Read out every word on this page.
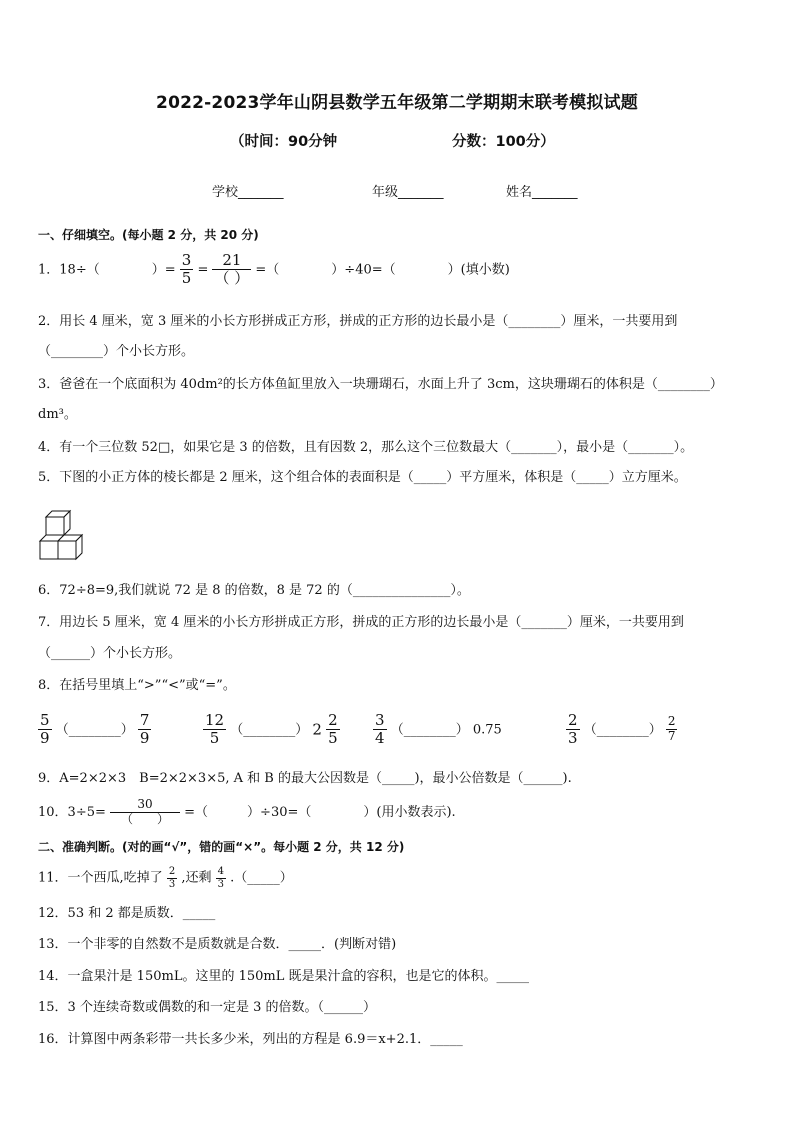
2022-2023学年山阴县数学五年级第二学期期末联考模拟试题
（时间：90分钟	分数：100分）
学校_______	年级_______	姓名_______
一、仔细填空。(每小题 2 分，共 20 分)
1．18÷（　　　　）= $\frac{3}{5} = \frac{21}{( )}$ =（　　　　）÷40=（　　　　）(填小数)
2．用长 4 厘米，宽 3 厘米的小长方形拼成正方形，拼成的正方形的边长最小是（________）厘米，一共要用到
（________）个小长方形。
3．爸爸在一个底面积为 40dm²的长方体鱼缸里放入一块珊瑚石，水面上升了 3cm，这块珊瑚石的体积是（________）
dm³。
4．有一个三位数 52□，如果它是 3 的倍数，且有因数 2，那么这个三位数最大（_______），最小是（_______）。
5．下图的小正方体的棱长都是 2 厘米，这个组合体的表面积是（_____）平方厘米，体积是（_____）立方厘米。
6．72÷8=9,我们就说 72 是 8 的倍数，8 是 72 的（_______________）。
7．用边长 5 厘米，宽 4 厘米的小长方形拼成正方形，拼成的正方形的边长最小是（_______）厘米，一共要用到
（______）个小长方形。
8．在括号里填上“>”“<”或“=”。
$\frac{5}{9}$ （________） $\frac{7}{9}$	$\frac{12}{5}$ （________） $2 \frac{2}{5} \frac{3}{4}$ （________） 0.75	$\frac{2}{3}$ （________） $\frac{2}{7}$
9．A=2×2×3　B=2×2×3×5, A 和 B 的最大公因数是（_____)，最小公倍数是（______).
10．$3\div 5= \frac{30}{( )}$ =（　　　）÷30=（　　　　）(用小数表示).
二、准确判断。(对的画“√”，错的画“×”。每小题 2 分，共 12 分)
11．一个西瓜,吃掉了 $\frac{2}{3}$ ,还剩 $\frac{4}{3}$ .（_____）
12．53 和 2 都是质数．_____
13．一个非零的自然数不是质数就是合数．_____．(判断对错)
14．一盒果汁是 150mL。这里的 150mL 既是果汁盒的容积，也是它的体积。_____
15．3 个连续奇数或偶数的和一定是 3 的倍数。（______）
16．计算图中两条彩带一共长多少米，列出的方程是 6.9＝x+2.1．_____
